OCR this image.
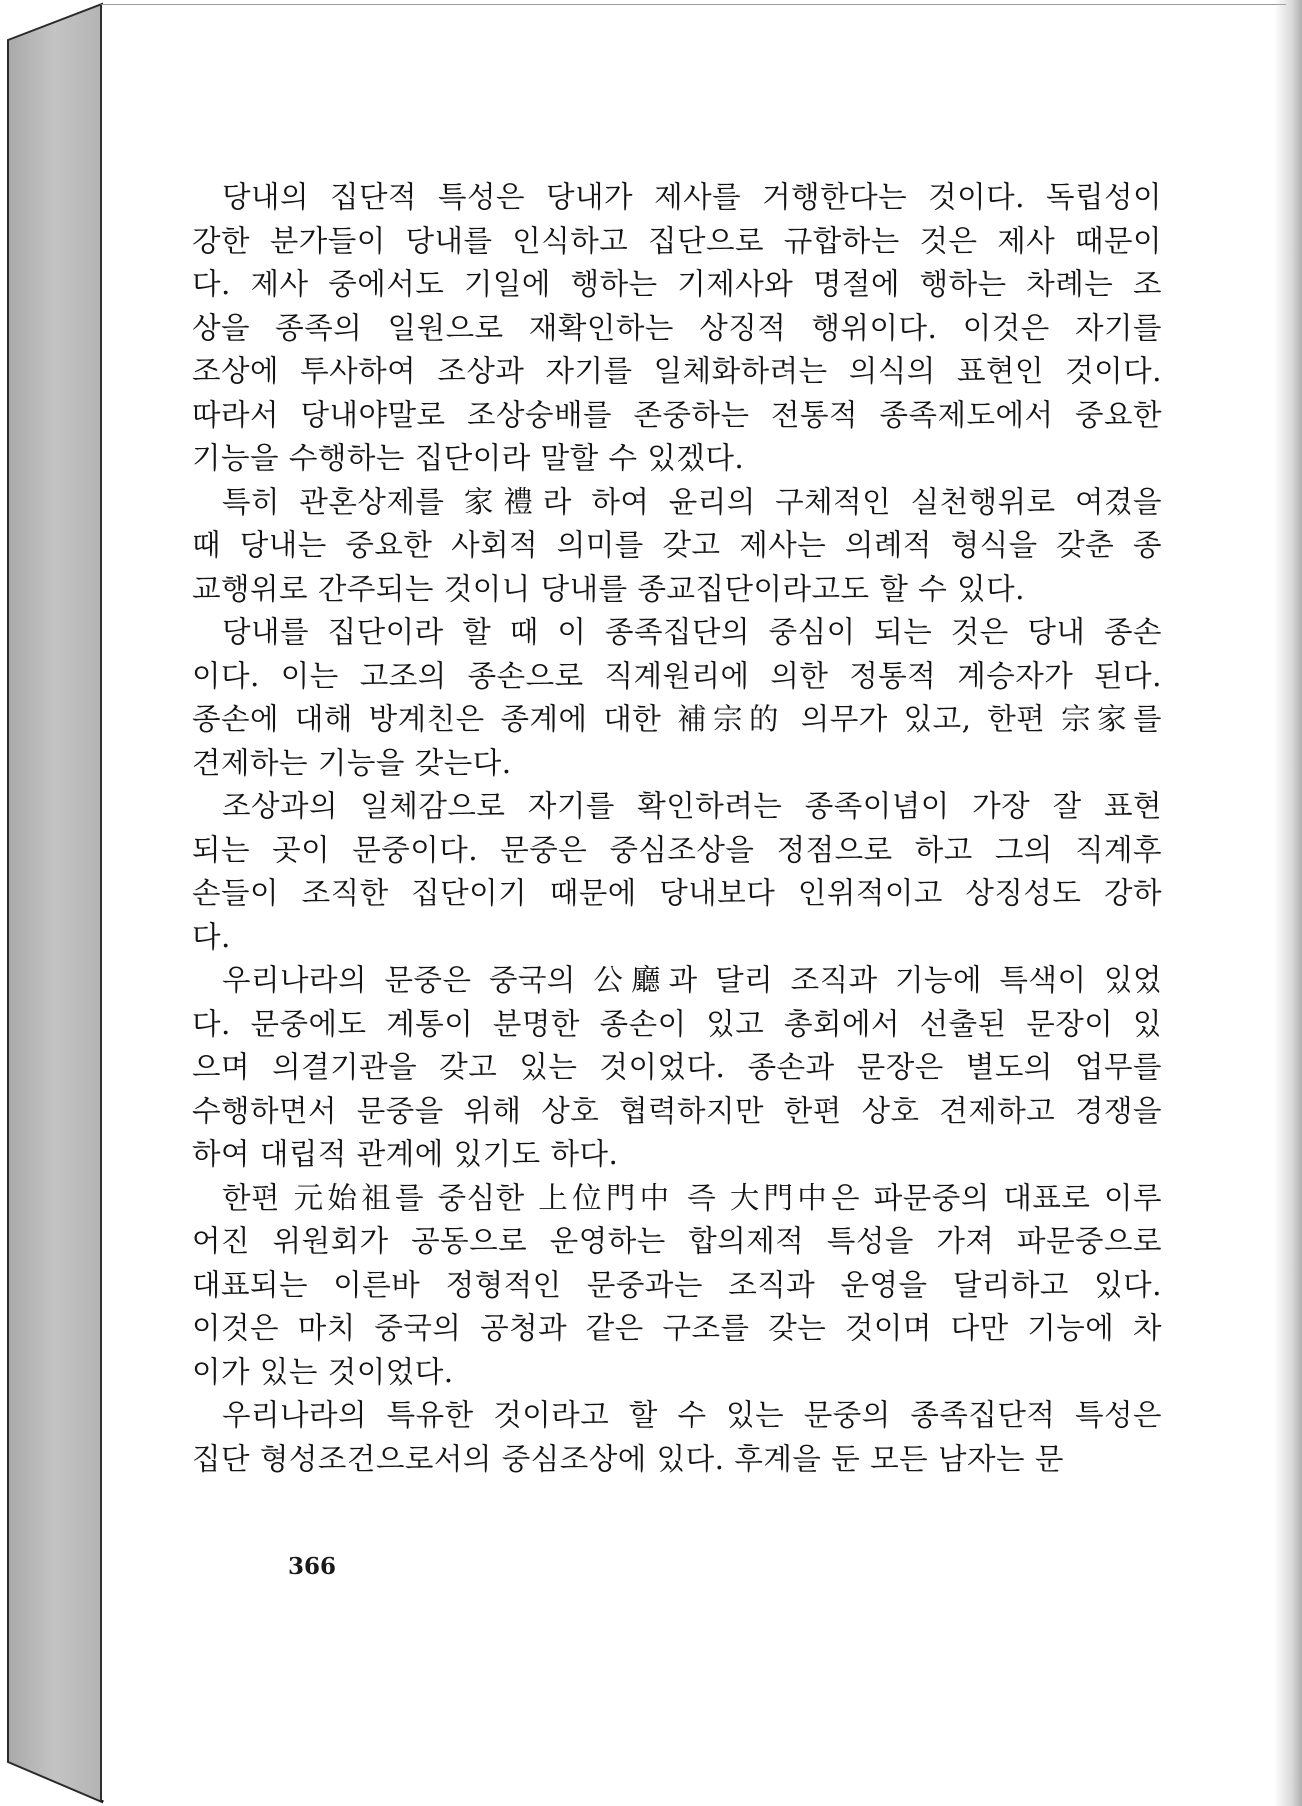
당내의 집단적 특성은 당내가 제사를 거행한다는 것이다. 독립성이
강한 분가들이 당내를 인식하고 집단으로 규합하는 것은 제사 때문이
다. 제사 중에서도 기일에 행하는 기제사와 명절에 행하는 차례는 조
상을 종족의 일원으로 재확인하는 상징적 행위이다. 이것은 자기를
조상에 투사하여 조상과 자기를 일체화하려는 의식의 표현인 것이다.
따라서 당내야말로 조상숭배를 존중하는 전통적 종족제도에서 중요한
기능을 수행하는 집단이라 말할 수 있겠다.
특히 관혼상제를 家禮라 하여 윤리의 구체적인 실천행위로 여겼을
때 당내는 중요한 사회적 의미를 갖고 제사는 의례적 형식을 갖춘 종
교행위로 간주되는 것이니 당내를 종교집단이라고도 할 수 있다.
당내를 집단이라 할 때 이 종족집단의 중심이 되는 것은 당내 종손
이다. 이는 고조의 종손으로 직계원리에 의한 정통적 계승자가 된다.
종손에 대해 방계친은 종계에 대한 補宗的 의무가 있고, 한편 宗家를
견제하는 기능을 갖는다.
조상과의 일체감으로 자기를 확인하려는 종족이념이 가장 잘 표현
되는 곳이 문중이다. 문중은 중심조상을 정점으로 하고 그의 직계후
손들이 조직한 집단이기 때문에 당내보다 인위적이고 상징성도 강하
다.
우리나라의 문중은 중국의 公廳과 달리 조직과 기능에 특색이 있었
다. 문중에도 계통이 분명한 종손이 있고 총회에서 선출된 문장이 있
으며 의결기관을 갖고 있는 것이었다. 종손과 문장은 별도의 업무를
수행하면서 문중을 위해 상호 협력하지만 한편 상호 견제하고 경쟁을
하여 대립적 관계에 있기도 하다.
한편 元始祖를 중심한 上位門中 즉 大門中은 파문중의 대표로 이루
어진 위원회가 공동으로 운영하는 합의제적 특성을 가져 파문중으로
대표되는 이른바 정형적인 문중과는 조직과 운영을 달리하고 있다.
이것은 마치 중국의 공청과 같은 구조를 갖는 것이며 다만 기능에 차
이가 있는 것이었다.
우리나라의 특유한 것이라고 할 수 있는 문중의 종족집단적 특성은
집단 형성조건으로서의 중심조상에 있다. 후계을 둔 모든 남자는 문
366
